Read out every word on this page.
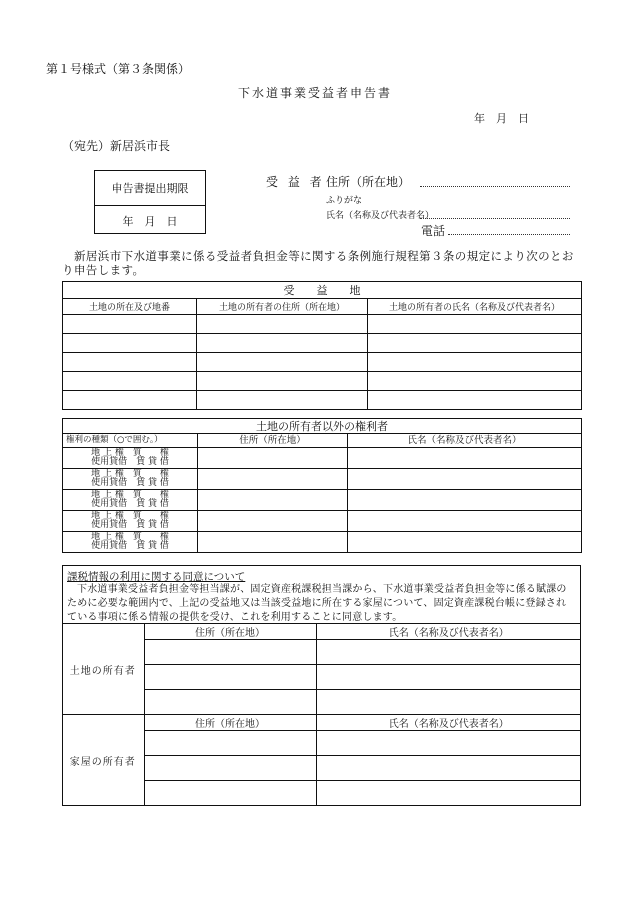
第１号様式（第３条関係）
下水道事業受益者申告書
年　月　日
（宛先）新居浜市長
申告書提出期限
年　月　日
受 益 者 住所（所在地）
ふりがな
氏名（名称及び代表者名）
電話
新居浜市下水道事業に係る受益者負担金等に関する条例施行規程第３条の規定により次のとおり申告します。
受　　益　　地		
土地の所在及び地番	土地の所有者の住所（所在地）	土地の所有者の氏名（名称及び代表者名）

土地の所有者以外の権利者		
権利の種類（○で囲む。）	住所（所在地）	氏名（名称及び代表者名）

地 上 権　質　　権
使用貸借　賃 貸 借		

地 上 権　質　　権
使用貸借　賃 貸 借		

地 上 権　質　　権
使用貸借　賃 貸 借		

地 上 権　質　　権
使用貸借　賃 貸 借		

地 上 権　質　　権
使用貸借　賃 貸 借		

課税情報の利用に関する同意について
下水道事業受益者負担金等担当課が、固定資産税課税担当課から、下水道事業受益者負担金等に係る賦課のために必要な範囲内で、上記の受益地又は当該受益地に所在する家屋について、固定資産課税台帳に登録されている事項に係る情報の提供を受け、これを利用することに同意します。
土地の所有者	住所（所在地）	氏名（名称及び代表者名）

家屋の所有者	住所（所在地）	氏名（名称及び代表者名）
